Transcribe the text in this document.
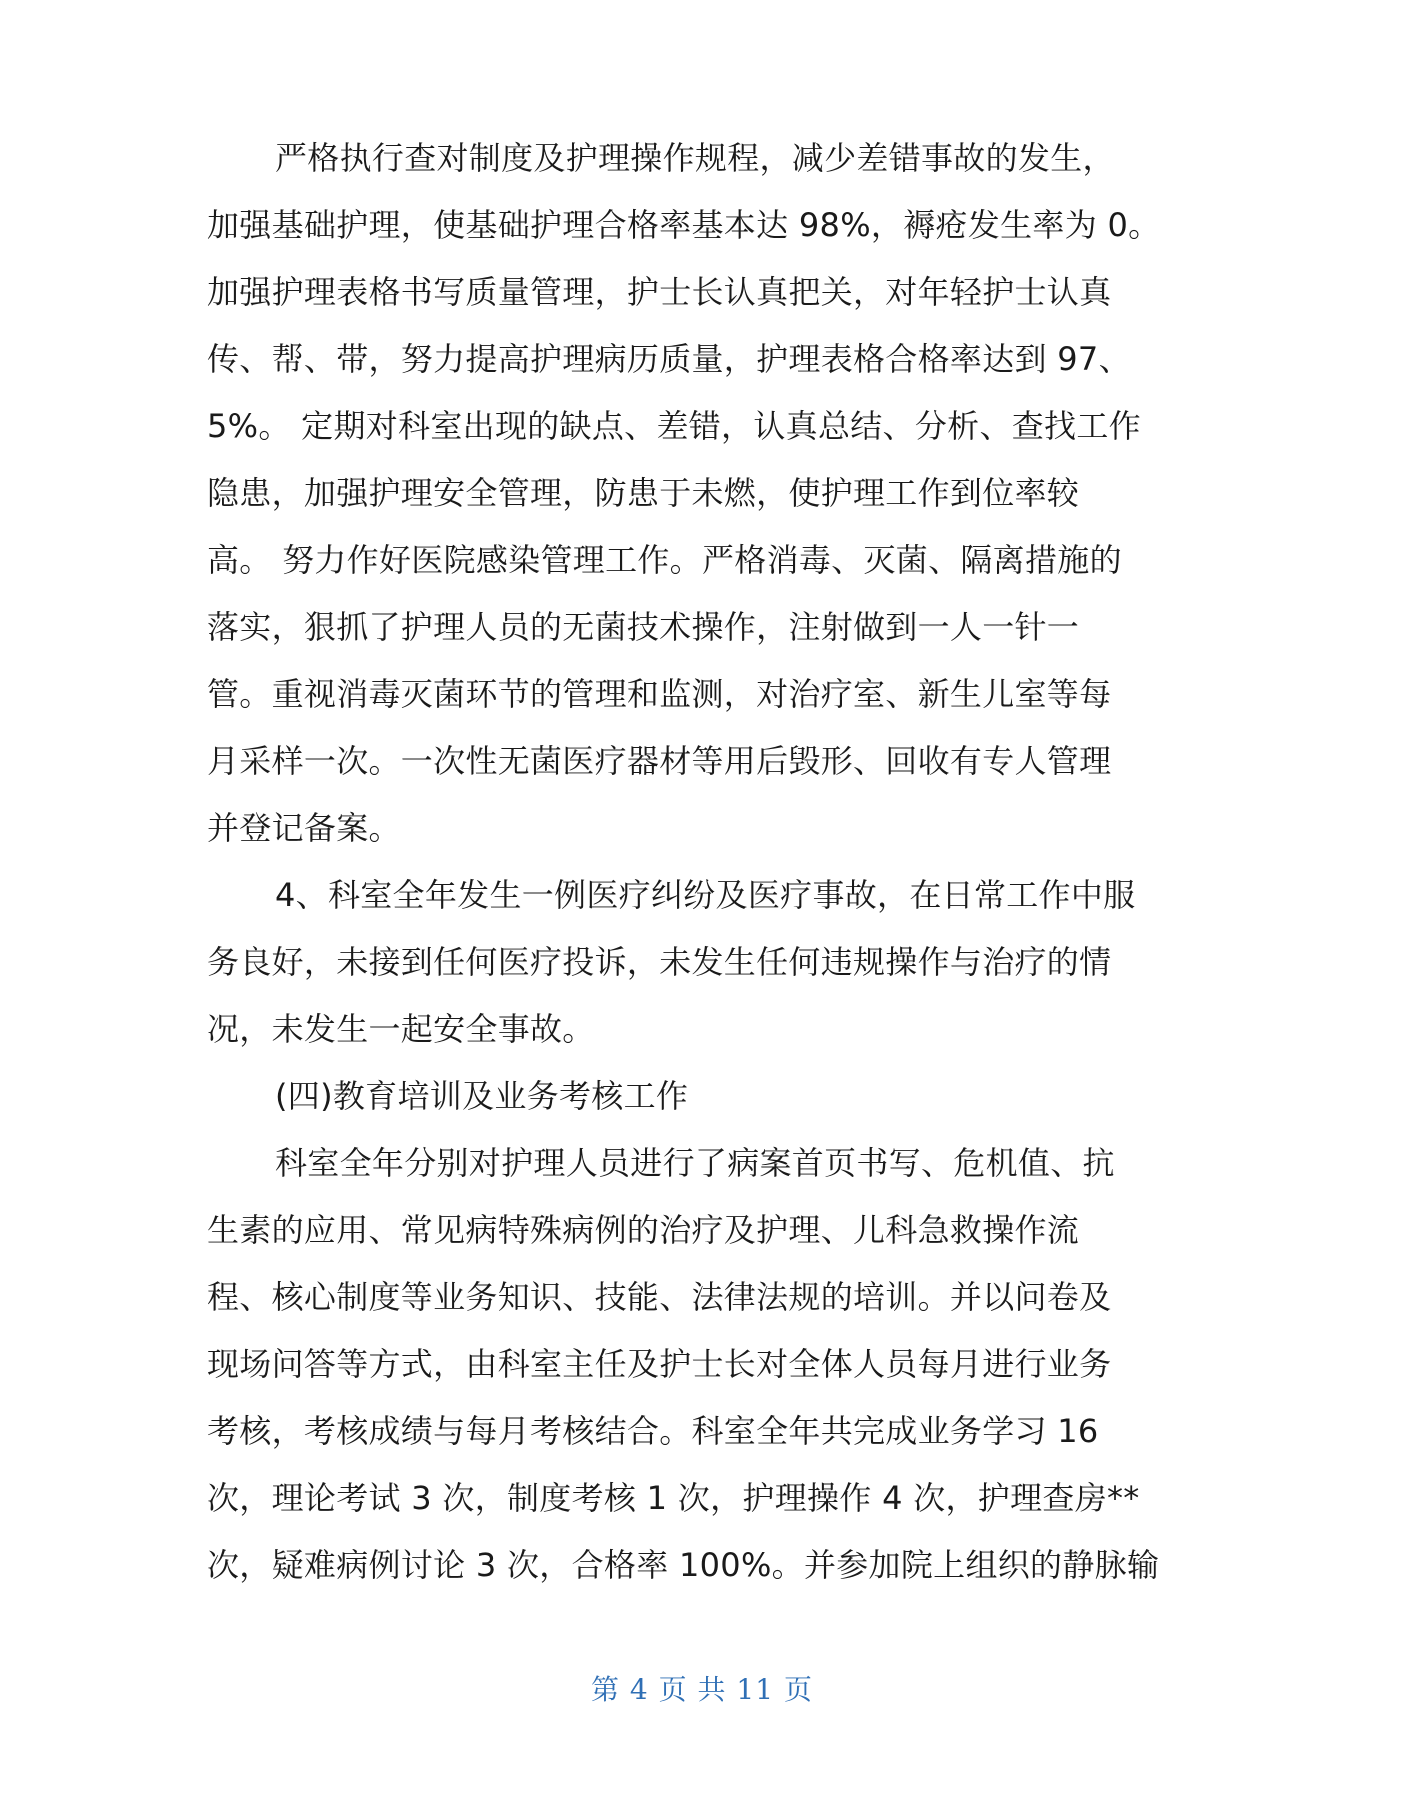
严格执行查对制度及护理操作规程，减少差错事故的发生，
加强基础护理，使基础护理合格率基本达 98%，褥疮发生率为 0。
加强护理表格书写质量管理，护士长认真把关，对年轻护士认真
传、帮、带，努力提高护理病历质量，护理表格合格率达到 97、
5%。 定期对科室出现的缺点、差错，认真总结、分析、查找工作
隐患，加强护理安全管理，防患于未燃，使护理工作到位率较
高。 努力作好医院感染管理工作。严格消毒、灭菌、隔离措施的
落实，狠抓了护理人员的无菌技术操作，注射做到一人一针一
管。重视消毒灭菌环节的管理和监测，对治疗室、新生儿室等每
月采样一次。一次性无菌医疗器材等用后毁形、回收有专人管理
并登记备案。
4、科室全年发生一例医疗纠纷及医疗事故，在日常工作中服
务良好，未接到任何医疗投诉，未发生任何违规操作与治疗的情
况，未发生一起安全事故。
(四)教育培训及业务考核工作
科室全年分别对护理人员进行了病案首页书写、危机值、抗
生素的应用、常见病特殊病例的治疗及护理、儿科急救操作流
程、核心制度等业务知识、技能、法律法规的培训。并以问卷及
现场问答等方式，由科室主任及护士长对全体人员每月进行业务
考核，考核成绩与每月考核结合。科室全年共完成业务学习 16
次，理论考试 3 次，制度考核 1 次，护理操作 4 次，护理查房**
次，疑难病例讨论 3 次，合格率 100%。并参加院上组织的静脉输
第 4 页 共 11 页
